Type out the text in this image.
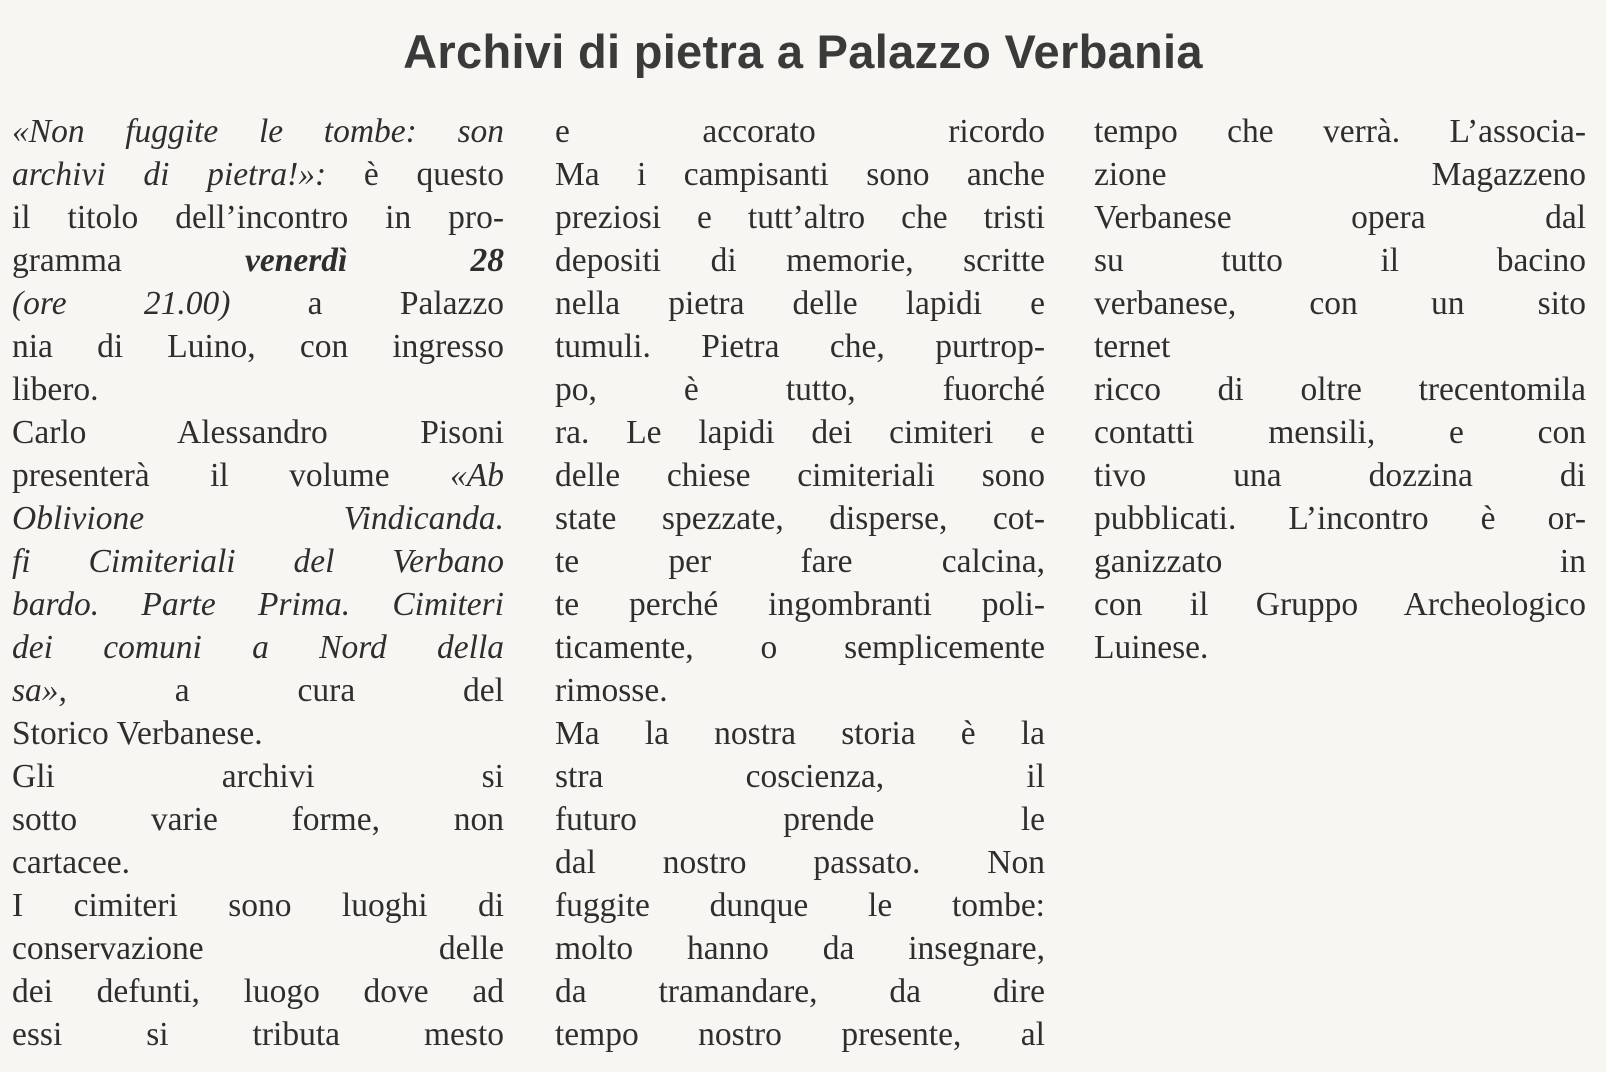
Archivi di pietra a Palazzo Verbania
«Non fuggite le tombe: son
archivi di pietra!»: è questo
il titolo dell’incontro in pro-
gramma venerdì 28
(ore 21.00) a Palazzo
nia di Luino, con ingresso
libero.
Carlo Alessandro Pisoni
presenterà il volume «Ab
Oblivione Vindicanda.
fi Cimiteriali del Verbano
bardo. Parte Prima. Cimiteri
dei comuni a Nord della
sa»,	a cura del
Storico Verbanese.
Gli archivi si
sotto varie forme, non
cartacee.
I cimiteri sono luoghi di
conservazione delle
dei defunti, luogo dove ad
essi si tributa mesto
e accorato ricordo
Ma i campisanti sono anche
preziosi e tutt’altro che tristi
depositi di memorie, scritte
nella pietra delle lapidi e
tumuli. Pietra che, purtrop-
po, è tutto, fuorché
ra. Le lapidi dei cimiteri e
delle chiese cimiteriali sono
state spezzate, disperse, cot-
te per fare calcina,
te perché ingombranti poli-
ticamente, o semplicemente
rimosse.
Ma la nostra storia è la
stra coscienza, il
futuro prende le
dal nostro passato. Non
fuggite dunque le tombe:
molto hanno da insegnare,
da tramandare, da dire
tempo nostro presente, al
tempo che verrà. L’associa-
zione Magazzeno
Verbanese opera dal
su tutto il bacino
verbanese, con un sito
ternet
ricco di oltre trecentomila
contatti mensili, e con
tivo una dozzina di
pubblicati. L’incontro è or-
ganizzato in
con il Gruppo Archeologico
Luinese.
